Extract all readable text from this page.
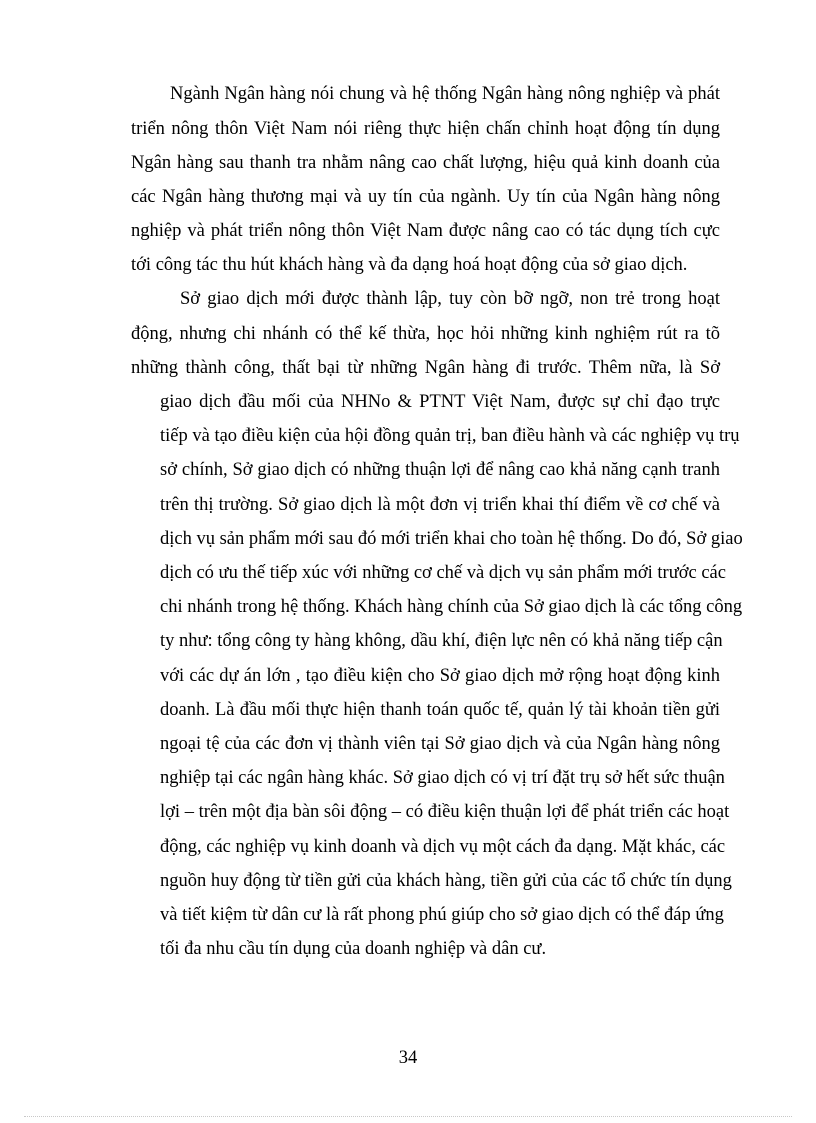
Ngành Ngân hàng nói chung và hệ thống Ngân hàng nông nghiệp và phát
triển nông thôn Việt Nam nói riêng thực hiện chấn chỉnh hoạt động tín dụng
Ngân hàng sau thanh tra nhằm nâng cao chất lượng, hiệu quả kinh doanh của
các Ngân hàng thương mại và uy tín của ngành. Uy tín của Ngân hàng nông
nghiệp và phát triển nông thôn Việt Nam được nâng cao có tác dụng tích cực
tới công tác thu hút khách hàng và đa dạng hoá hoạt động của sở giao dịch.
Sở giao dịch mới được thành lập, tuy còn bỡ ngỡ, non trẻ trong hoạt
động, nhưng chi nhánh có thể kế thừa, học hỏi những kinh nghiệm rút ra tõ
những thành công, thất bại từ những Ngân hàng đi trước. Thêm nữa, là Sở
giao dịch đầu mối của NHNo & PTNT Việt Nam, được sự chỉ đạo trực
tiếp và tạo điều kiện của hội đồng quản trị, ban điều hành và các nghiệp vụ trụ
sở chính, Sở giao dịch có những thuận lợi để nâng cao khả năng cạnh tranh
trên thị trường. Sở giao dịch là một đơn vị triển khai thí điểm về cơ chế và
dịch vụ sản phẩm mới sau đó mới triển khai cho toàn hệ thống. Do đó, Sở giao
dịch có ưu thế tiếp xúc với những cơ chế và dịch vụ sản phẩm mới trước các
chi nhánh trong hệ thống. Khách hàng chính của Sở giao dịch là các tổng công
ty như: tổng công ty hàng không, dầu khí, điện lực nên có khả năng tiếp cận
với các dự án lớn , tạo điều kiện cho Sở giao dịch mở rộng hoạt động kinh
doanh. Là đầu mối thực hiện thanh toán quốc tế, quản lý tài khoản tiền gửi
ngoại tệ của các đơn vị thành viên tại Sở giao dịch và của Ngân hàng nông
nghiệp tại các ngân hàng khác. Sở giao dịch có vị trí đặt trụ sở hết sức thuận
lợi – trên một địa bàn sôi động – có điều kiện thuận lợi để phát triển các hoạt
động, các nghiệp vụ kinh doanh và dịch vụ một cách đa dạng. Mặt khác, các
nguồn huy động từ tiền gửi của khách hàng, tiền gửi của các tổ chức tín dụng
và tiết kiệm từ dân cư là rất phong phú giúp cho sở giao dịch có thể đáp ứng
tối đa nhu cầu tín dụng của doanh nghiệp và dân cư.
34
